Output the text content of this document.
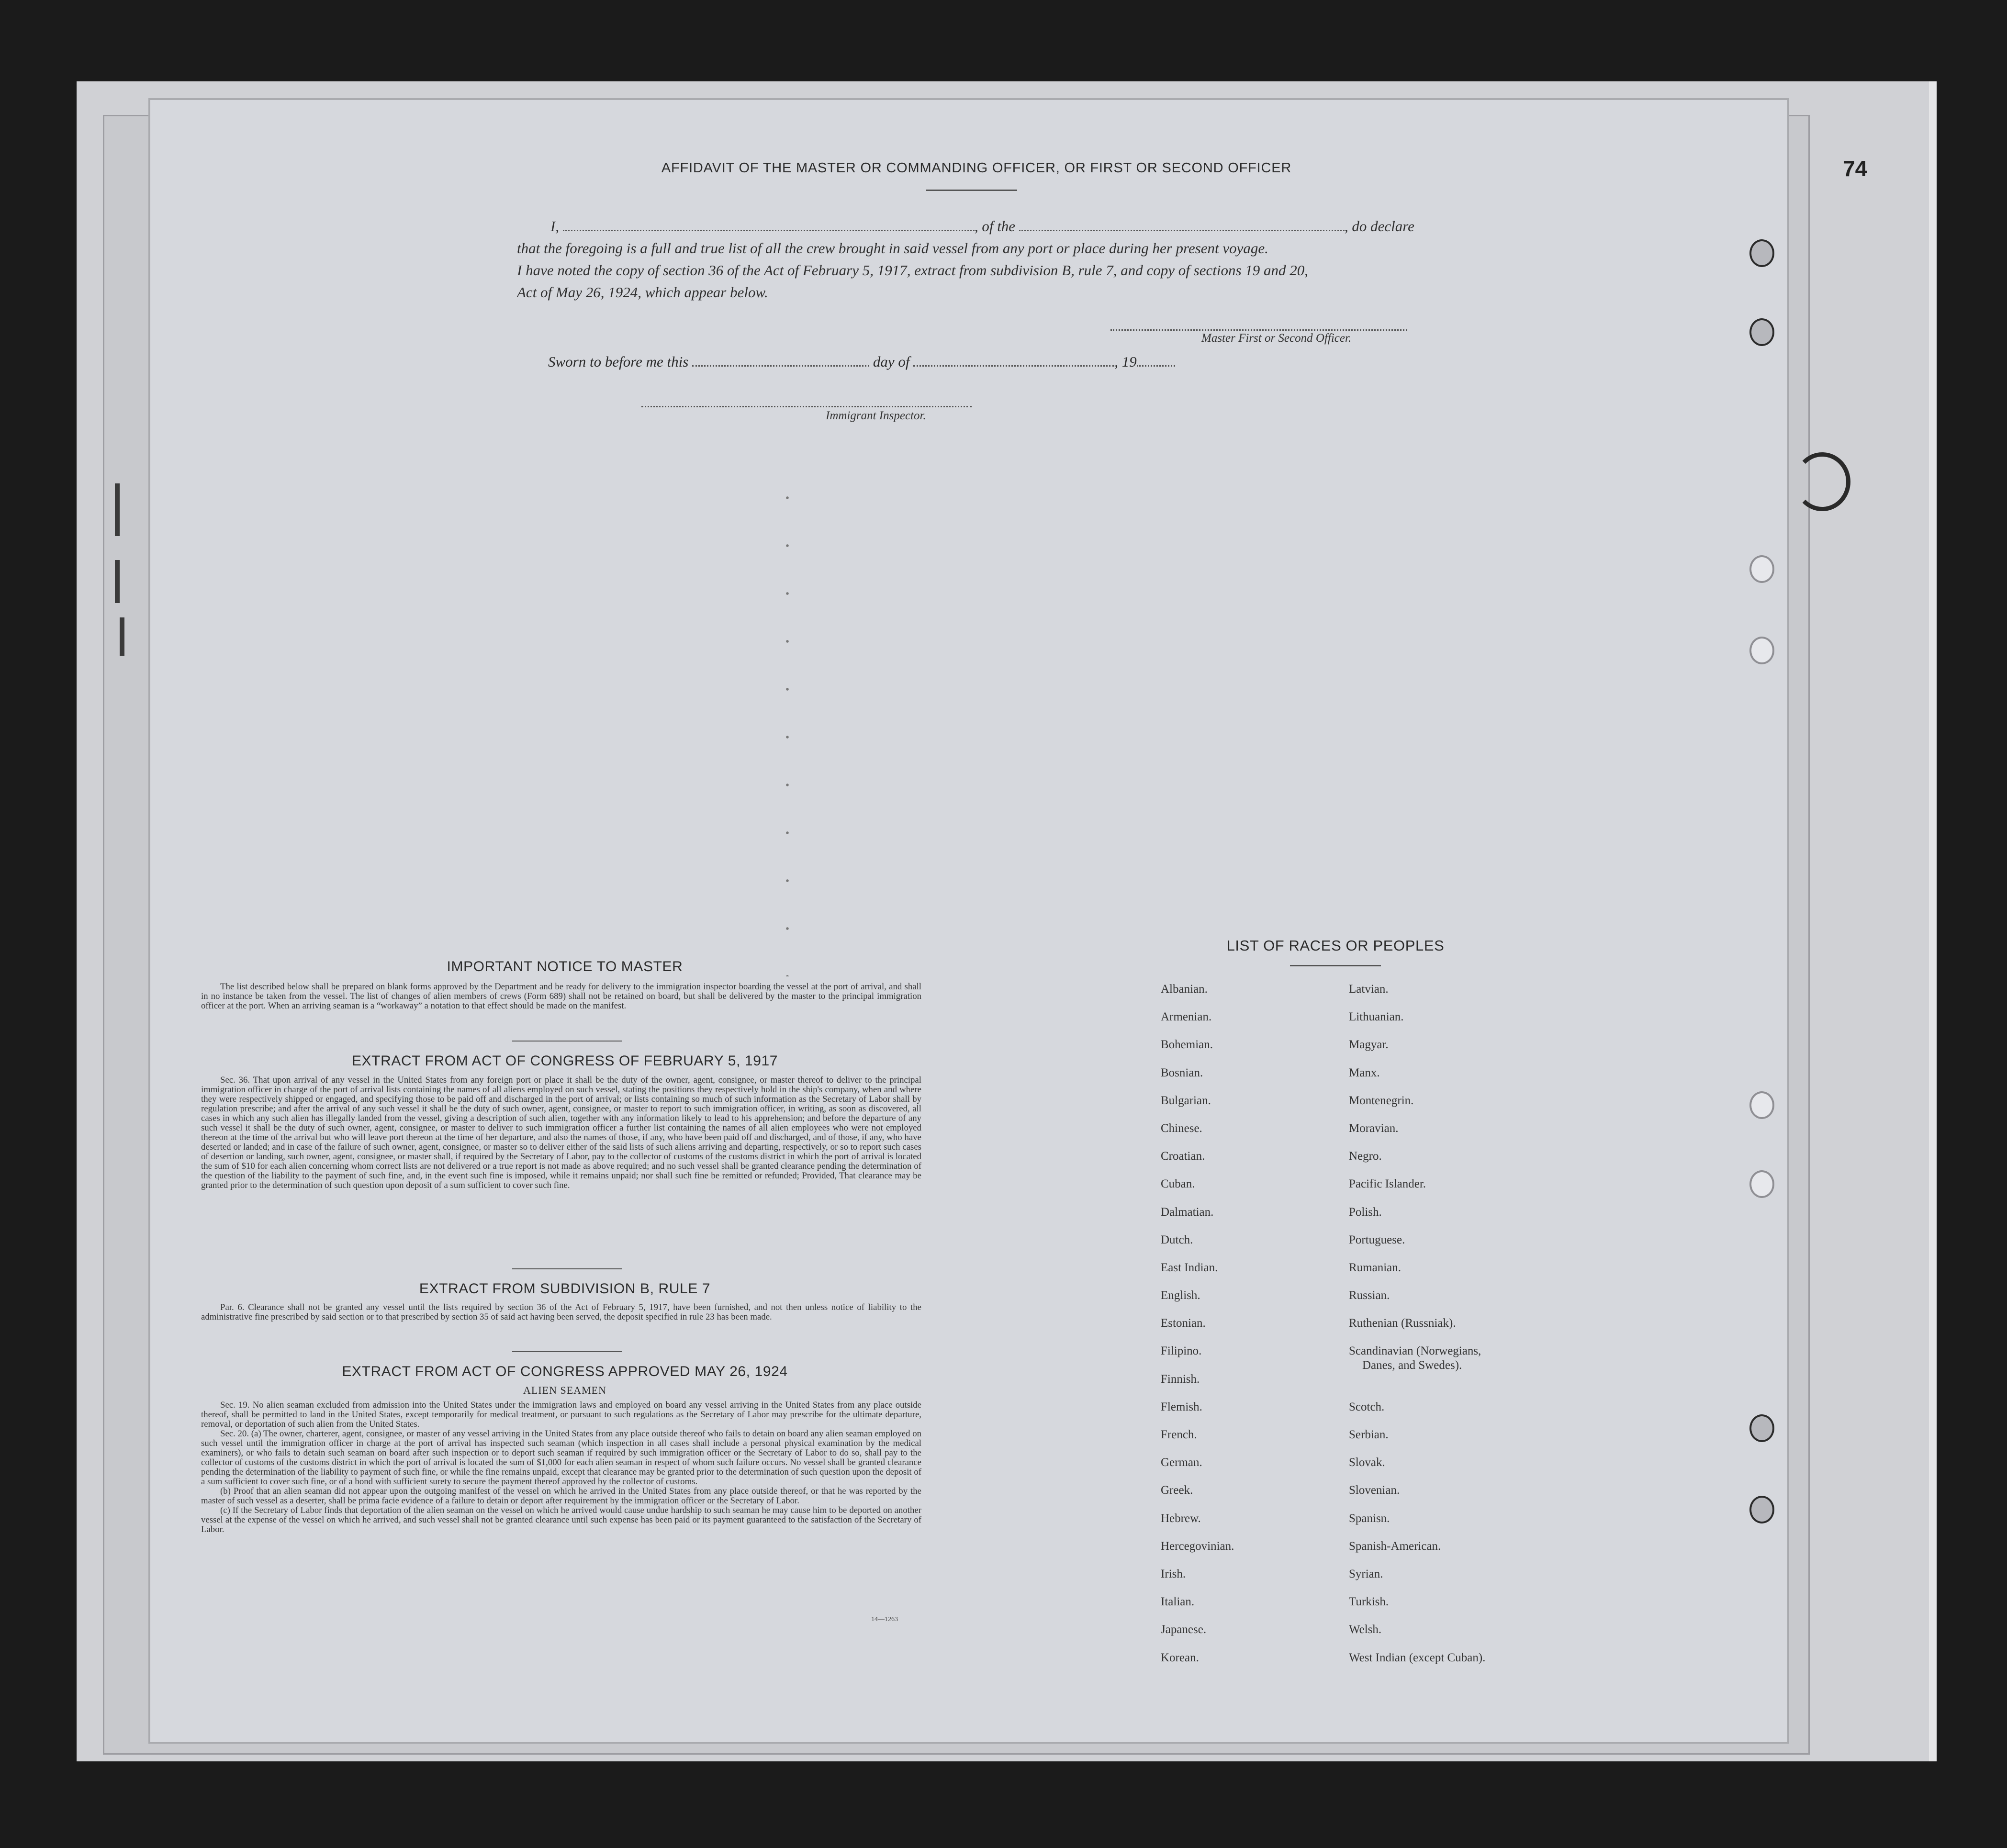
74
AFFIDAVIT OF THE MASTER OR COMMANDING OFFICER, OR FIRST OR SECOND OFFICER
I,	, of the	, do declare
that the foregoing is a full and true list of all the crew brought in said vessel from any port or place during her present voyage.
I have noted the copy of section 36 of the Act of February 5, 1917, extract from subdivision B, rule 7, and copy of sections 19 and 20,
Act of May 26, 1924, which appear below.
Master First or Second Officer.
Sworn to before me this	day of	, 19
Immigrant Inspector.
IMPORTANT NOTICE TO MASTER
The list described below shall be prepared on blank forms approved by the Department and be ready for delivery to the immigration inspector boarding the vessel at the port of arrival, and shall in no instance be taken from the vessel. The list of changes of alien members of crews (Form 689) shall not be retained on board, but shall be delivered by the master to the principal immigration officer at the port. When an arriving seaman is a “workaway” a notation to that effect should be made on the manifest.
EXTRACT FROM ACT OF CONGRESS OF FEBRUARY 5, 1917
Sec. 36. That upon arrival of any vessel in the United States from any foreign port or place it shall be the duty of the owner, agent, consignee, or master thereof to deliver to the principal immigration officer in charge of the port of arrival lists containing the names of all aliens employed on such vessel, stating the positions they respectively hold in the ship's company, when and where they were respectively shipped or engaged, and specifying those to be paid off and discharged in the port of arrival; or lists containing so much of such information as the Secretary of Labor shall by regulation prescribe; and after the arrival of any such vessel it shall be the duty of such owner, agent, consignee, or master to report to such immigration officer, in writing, as soon as discovered, all cases in which any such alien has illegally landed from the vessel, giving a description of such alien, together with any information likely to lead to his apprehension; and before the departure of any such vessel it shall be the duty of such owner, agent, consignee, or master to deliver to such immigration officer a further list containing the names of all alien employees who were not employed thereon at the time of the arrival but who will leave port thereon at the time of her departure, and also the names of those, if any, who have been paid off and discharged, and of those, if any, who have deserted or landed; and in case of the failure of such owner, agent, consignee, or master so to deliver either of the said lists of such aliens arriving and departing, respectively, or so to report such cases of desertion or landing, such owner, agent, consignee, or master shall, if required by the Secretary of Labor, pay to the collector of customs of the customs district in which the port of arrival is located the sum of $10 for each alien concerning whom correct lists are not delivered or a true report is not made as above required; and no such vessel shall be granted clearance pending the determination of the question of the liability to the payment of such fine, and, in the event such fine is imposed, while it remains unpaid; nor shall such fine be remitted or refunded; Provided, That clearance may be granted prior to the determination of such question upon deposit of a sum sufficient to cover such fine.
EXTRACT FROM SUBDIVISION B, RULE 7
Par. 6. Clearance shall not be granted any vessel until the lists required by section 36 of the Act of February 5, 1917, have been furnished, and not then unless notice of liability to the administrative fine prescribed by said section or to that prescribed by section 35 of said act having been served, the deposit specified in rule 23 has been made.
EXTRACT FROM ACT OF CONGRESS APPROVED MAY 26, 1924
ALIEN SEAMEN

Sec. 19. No alien seaman excluded from admission into the United States under the immigration laws and employed on board any vessel arriving in the United States from any place outside thereof, shall be permitted to land in the United States, except temporarily for medical treatment, or pursuant to such regulations as the Secretary of Labor may prescribe for the ultimate departure, removal, or deportation of such alien from the United States.

Sec. 20. (a) The owner, charterer, agent, consignee, or master of any vessel arriving in the United States from any place outside thereof who fails to detain on board any alien seaman employed on such vessel until the immigration officer in charge at the port of arrival has inspected such seaman (which inspection in all cases shall include a personal physical examination by the medical examiners), or who fails to detain such seaman on board after such inspection or to deport such seaman if required by such immigration officer or the Secretary of Labor to do so, shall pay to the collector of customs of the customs district in which the port of arrival is located the sum of $1,000 for each alien seaman in respect of whom such failure occurs. No vessel shall be granted clearance pending the determination of the liability to payment of such fine, or while the fine remains unpaid, except that clearance may be granted prior to the determination of such question upon the deposit of a sum sufficient to cover such fine, or of a bond with sufficient surety to secure the payment thereof approved by the collector of customs.

(b) Proof that an alien seaman did not appear upon the outgoing manifest of the vessel on which he arrived in the United States from any place outside thereof, or that he was reported by the master of such vessel as a deserter, shall be prima facie evidence of a failure to detain or deport after requirement by the immigration officer or the Secretary of Labor.

(c) If the Secretary of Labor finds that deportation of the alien seaman on the vessel on which he arrived would cause undue hardship to such seaman he may cause him to be deported on another vessel at the expense of the vessel on which he arrived, and such vessel shall not be granted clearance until such expense has been paid or its payment guaranteed to the satisfaction of the Secretary of Labor.

14—1263
LIST OF RACES OR PEOPLES
Albanian.
Armenian.
Bohemian.
Bosnian.
Bulgarian.
Chinese.
Croatian.
Cuban.
Dalmatian.
Dutch.
East Indian.
English.
Estonian.
Filipino.
Finnish.
Flemish.
French.
German.
Greek.
Hebrew.
Hercegovinian.
Irish.
Italian.
Japanese.
Korean.
Latvian.
Lithuanian.
Magyar.
Manx.
Montenegrin.
Moravian.
Negro.
Pacific Islander.
Polish.
Portuguese.
Rumanian.
Russian.
Ruthenian (Russniak).
Scandinavian (Norwegians,
Danes, and Swedes).
Scotch.
Serbian.
Slovak.
Slovenian.
Spanisn.
Spanish-American.
Syrian.
Turkish.
Welsh.
West Indian (except Cuban).
